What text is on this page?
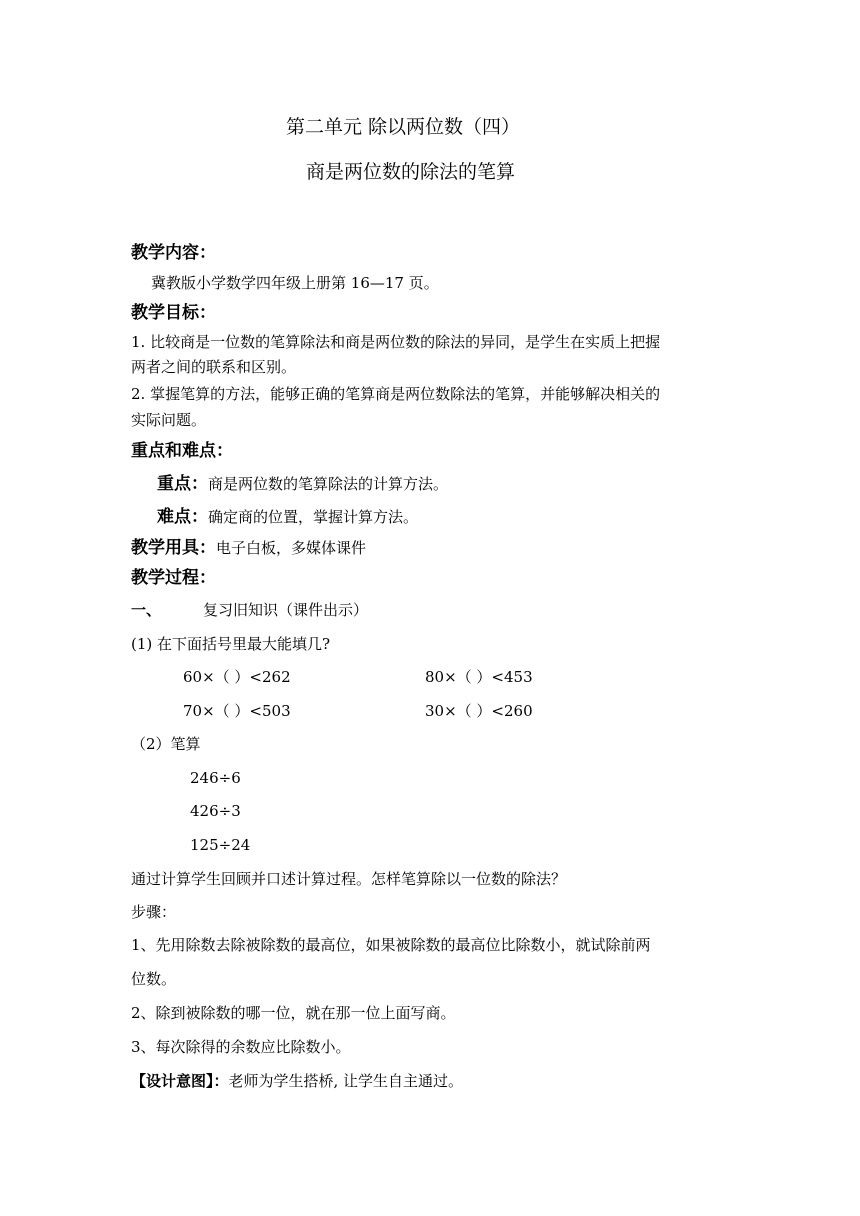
第二单元 除以两位数（四）
商是两位数的除法的笔算
教学内容：
冀教版小学数学四年级上册第 16—17 页。
教学目标：
1. 比较商是一位数的笔算除法和商是两位数的除法的异同，是学生在实质上把握
两者之间的联系和区别。
2. 掌握笔算的方法，能够正确的笔算商是两位数除法的笔算，并能够解决相关的
实际问题。
重点和难点：
重点：商是两位数的笔算除法的计算方法。
难点：确定商的位置，掌握计算方法。
教学用具：电子白板，多媒体课件
教学过程：
一、	复习旧知识（课件出示）
(1) 在下面括号里最大能填几?
60×（ ）<262	80×（ ）<453
70×（ ）<503	30×（ ）<260
（2）笔算
246÷6
426÷3
125÷24
通过计算学生回顾并口述计算过程。怎样笔算除以一位数的除法？
步骤：
1、先用除数去除被除数的最高位，如果被除数的最高位比除数小，就试除前两
位数。
2、除到被除数的哪一位，就在那一位上面写商。
3、每次除得的余数应比除数小。
【设计意图】：老师为学生搭桥, 让学生自主通过。
